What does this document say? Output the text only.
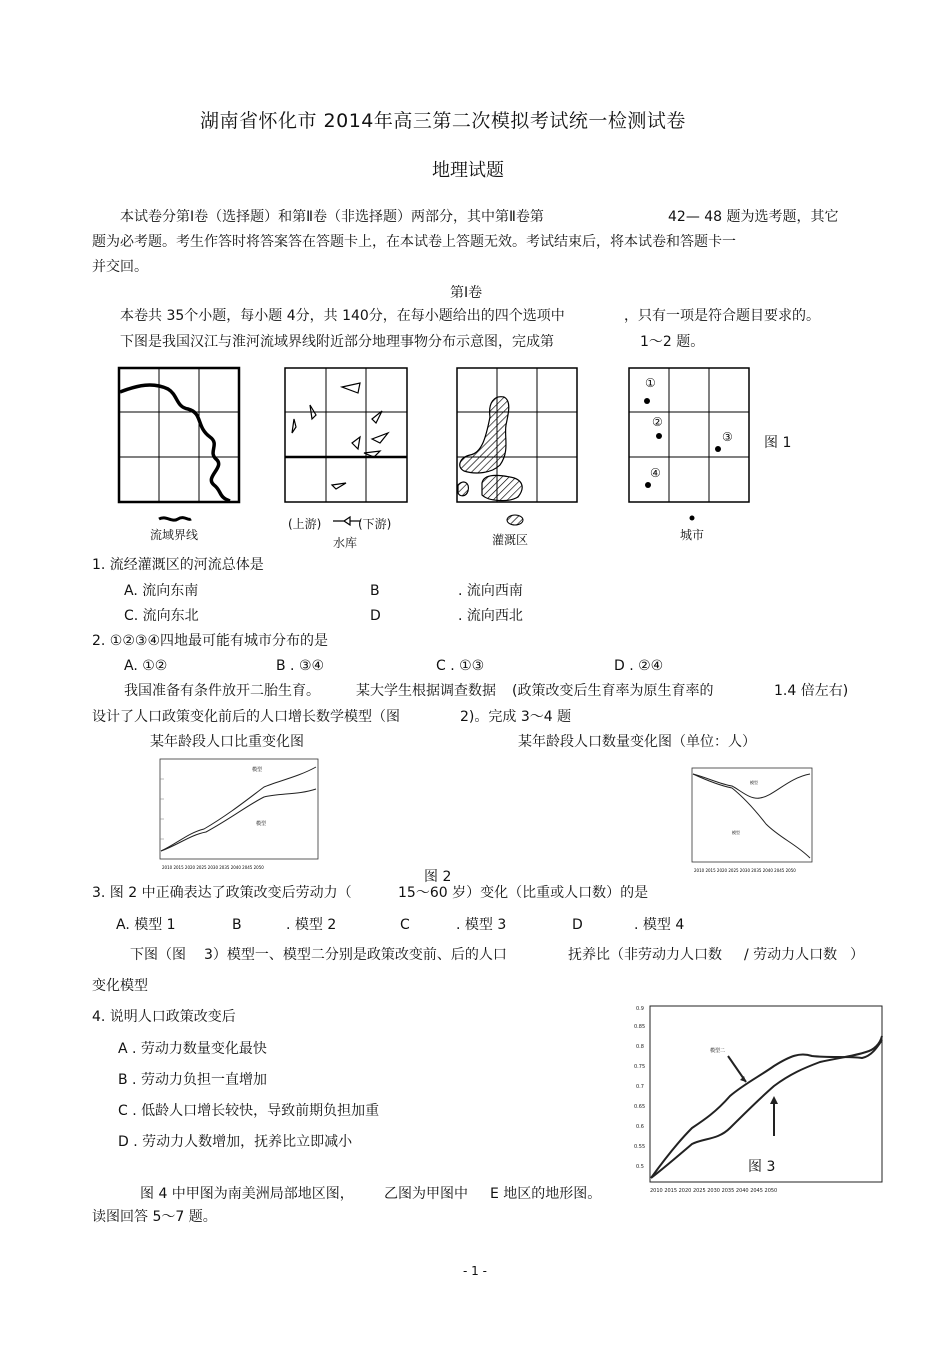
湖南省怀化市 2014年高三第二次模拟考试统一检测试卷
地理试题
本试卷分第Ⅰ卷（选择题）和第Ⅱ卷（非选择题）两部分，其中第Ⅱ卷第	42— 48 题为选考题，其它
题为必考题。考生作答时将答案答在答题卡上，在本试卷上答题无效。考试结束后，将本试卷和答题卡一
并交回。
第Ⅰ卷
本卷共 35个小题，每小题 4分，共 140分，在每小题给出的四个选项中	，只有一项是符合题目要求的。
下图是我国汉江与淮河流域界线附近部分地理事物分布示意图，完成第	1～2 题。
①
②
③
④
图 1
流域界线
(上游)	(下游)
水库	灌溉区	城市
1. 流经灌溉区的河流总体是
A. 流向东南	B	. 流向西南
C. 流向东北	D	. 流向西北
2. ①②③④四地最可能有城市分布的是
A. ①②	B . ③④	C . ①③	D . ②④
我国准备有条件放开二胎生育。	某大学生根据调查数据 (政策改变后生育率为原生育率的	1.4 倍左右)
设计了人口政策变化前后的人口增长数学模型（图	2)。完成 3～4 题
某年龄段人口比重变化图	某年龄段人口数量变化图（单位：人）
模型
模型
2010 2015 2020 2025 2030 2035 2040 2045 2050
模型
模型
2010 2015 2020 2025 2030 2035 2040 2045 2050
图 2
3. 图 2 中正确表达了政策改变后劳动力（	15～60 岁）变化（比重或人口数）的是
A. 模型 1	B	. 模型 2	C	. 模型 3	D	. 模型 4
下图（图 3）模型一、模型二分别是政策改变前、后的人口	抚养比（非劳动力人口数 / 劳动力人口数 ）
变化模型
4. 说明人口政策改变后
A . 劳动力数量变化最快
B . 劳动力负担一直增加
C . 低龄人口增长较快，导致前期负担加重
D . 劳动力人数增加，抚养比立即减小
0.9
0.85
0.8
0.75
0.7
0.65
0.6
0.55
0.5
2010 2015 2020 2025 2030 2035 2040 2045 2050
模型二
图 3
图 4 中甲图为南美洲局部地区图， 乙图为甲图中 E 地区的地形图。
读图回答 5～7 题。
- 1 -
